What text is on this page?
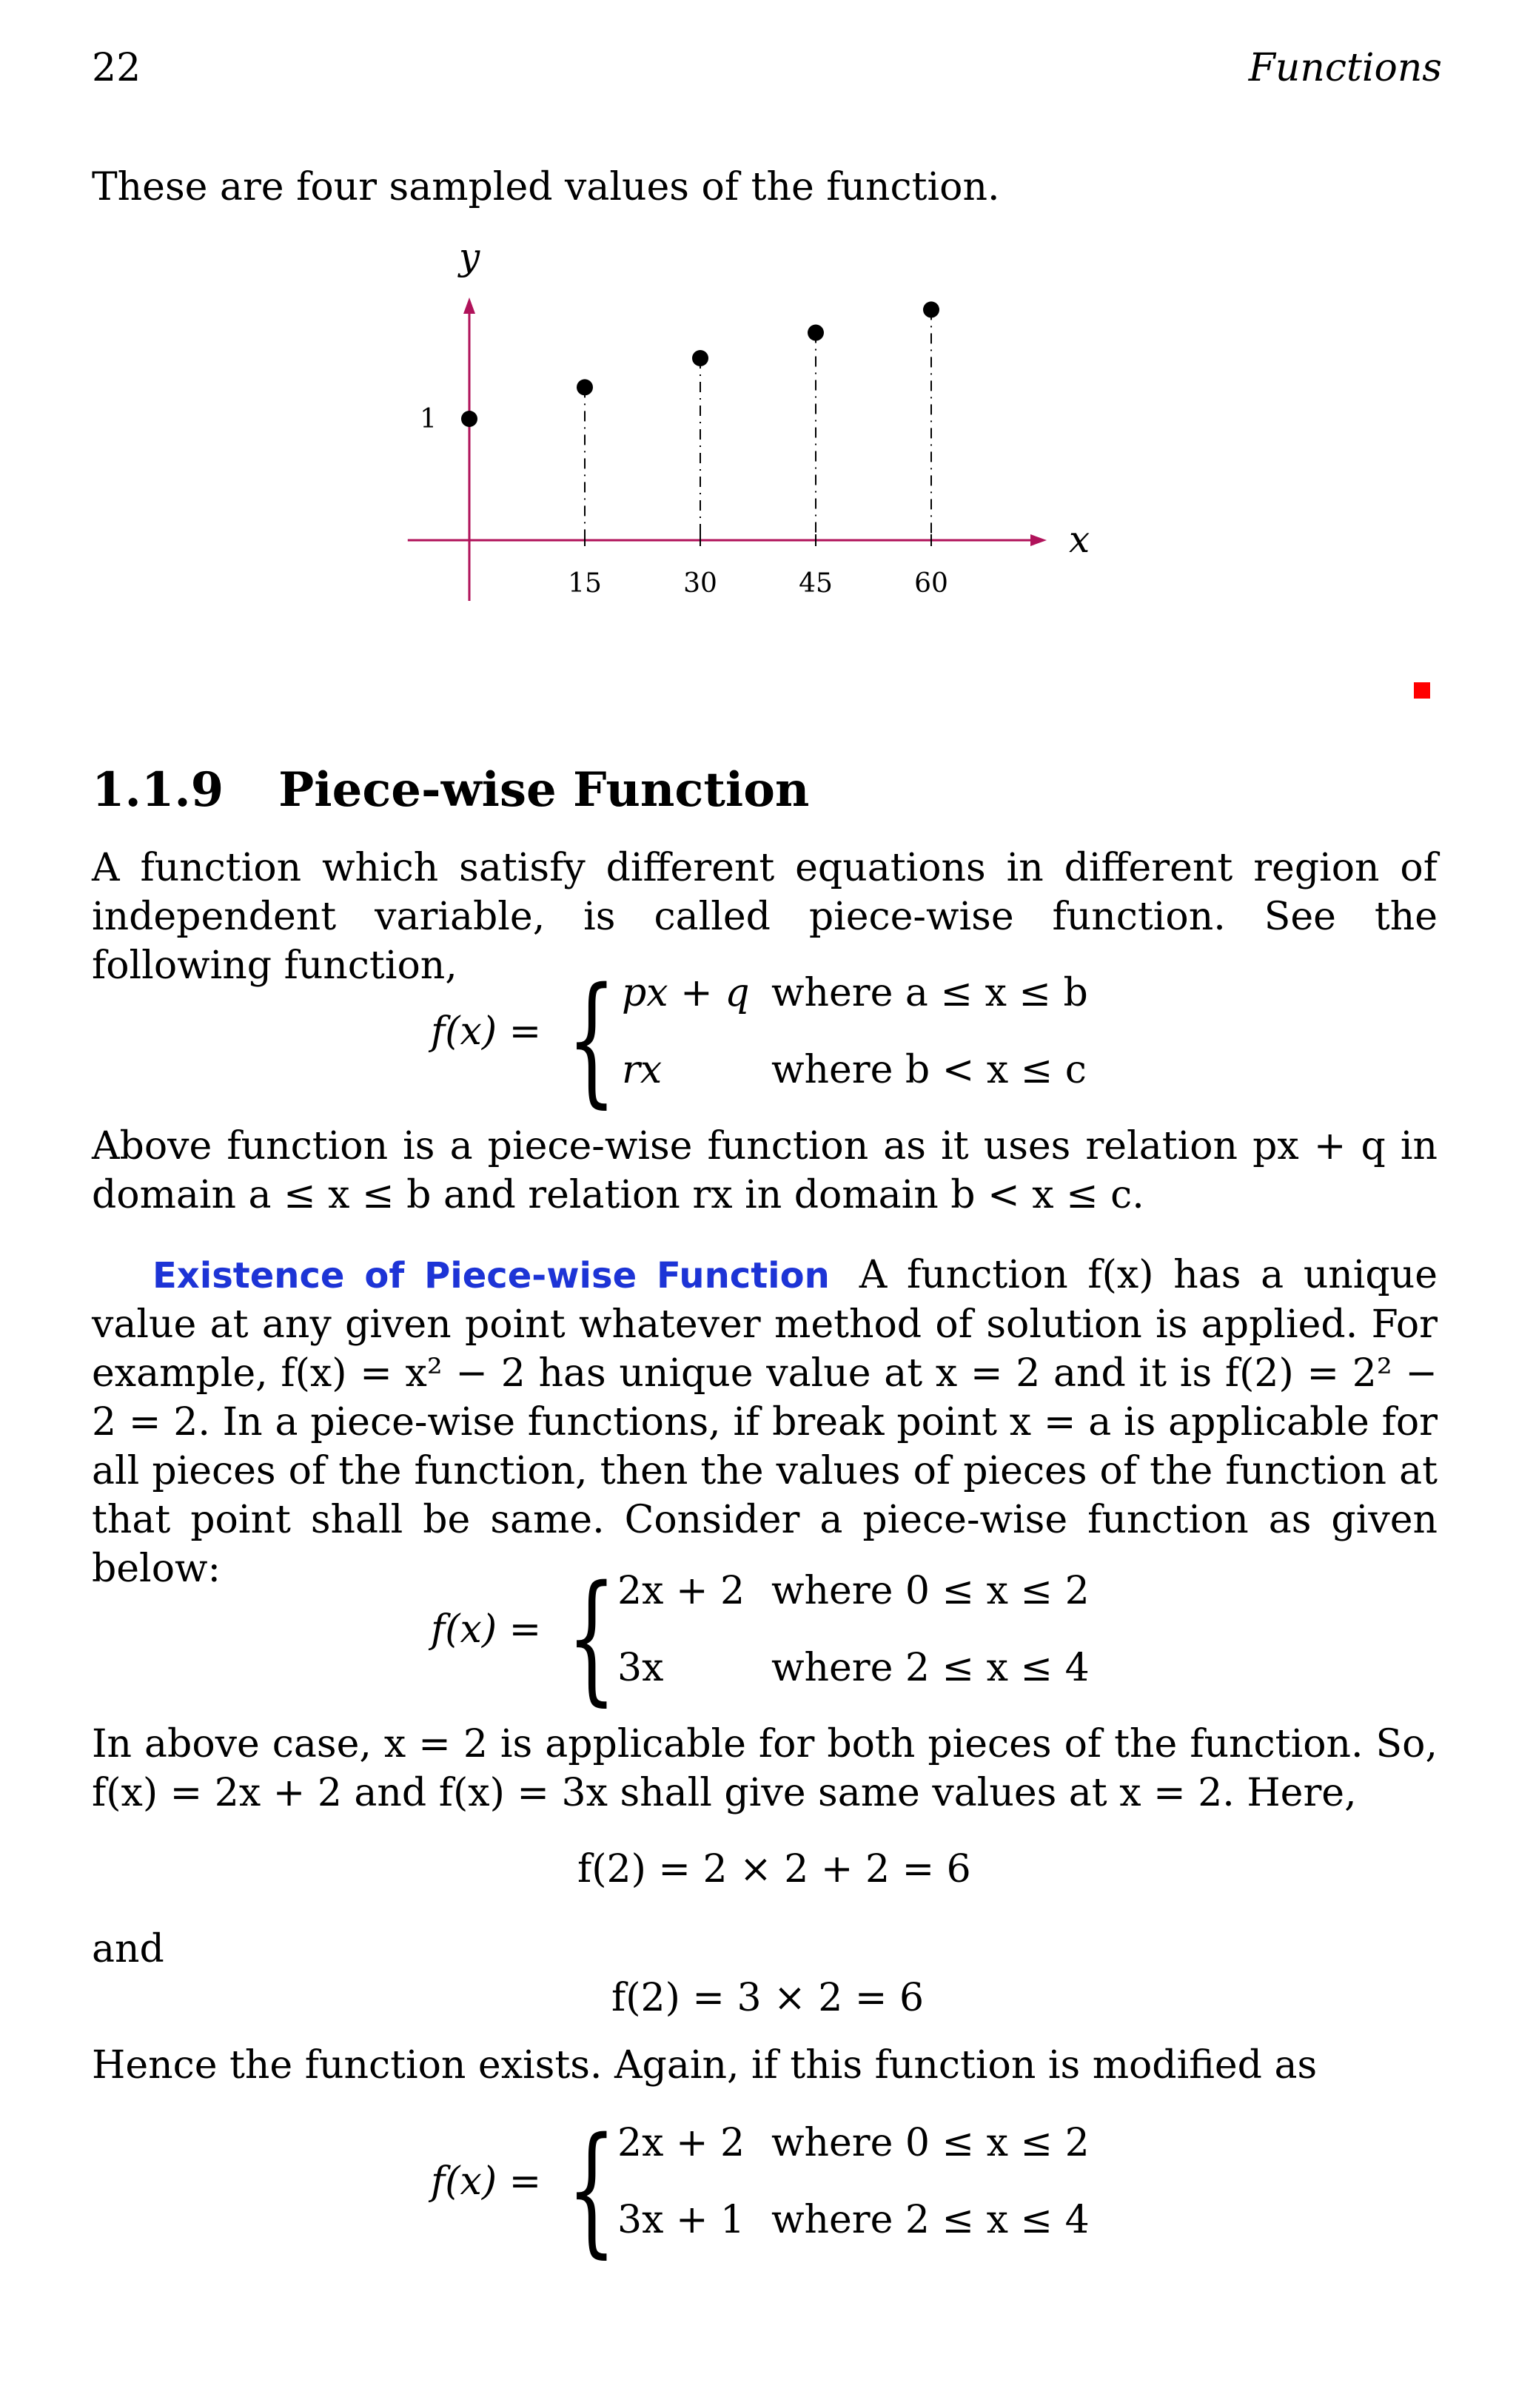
22	Functions
These are four sampled values of the function.
x
y
15	30	45	60
1
1.1.9 Piece-wise Function
A function which satisfy different equations in different region of independent variable, is called piece-wise function. See the following function,
f(x) = { px + q where a ≤ x ≤ b
rx	where b < x ≤ c
Above function is a piece-wise function as it uses relation px + q in domain a ≤ x ≤ b and relation rx in domain b < x ≤ c.
Existence of Piece-wise Function A function f(x) has a unique value at any given point whatever method of solution is applied. For example, f(x) = x² − 2 has unique value at x = 2 and it is f(2) = 2² − 2 = 2. In a piece-wise functions, if break point x = a is applicable for all pieces of the function, then the values of pieces of the function at that point shall be same. Consider a piece-wise function as given below:
f(x) = { 2x + 2 where 0 ≤ x ≤ 2
3x	where 2 ≤ x ≤ 4
In above case, x = 2 is applicable for both pieces of the function. So, f(x) = 2x + 2 and f(x) = 3x shall give same values at x = 2. Here,
f(2) = 2 × 2 + 2 = 6
and
f(2) = 3 × 2 = 6
Hence the function exists. Again, if this function is modified as
f(x) = { 2x + 2 where 0 ≤ x ≤ 2
3x + 1 where 2 ≤ x ≤ 4
